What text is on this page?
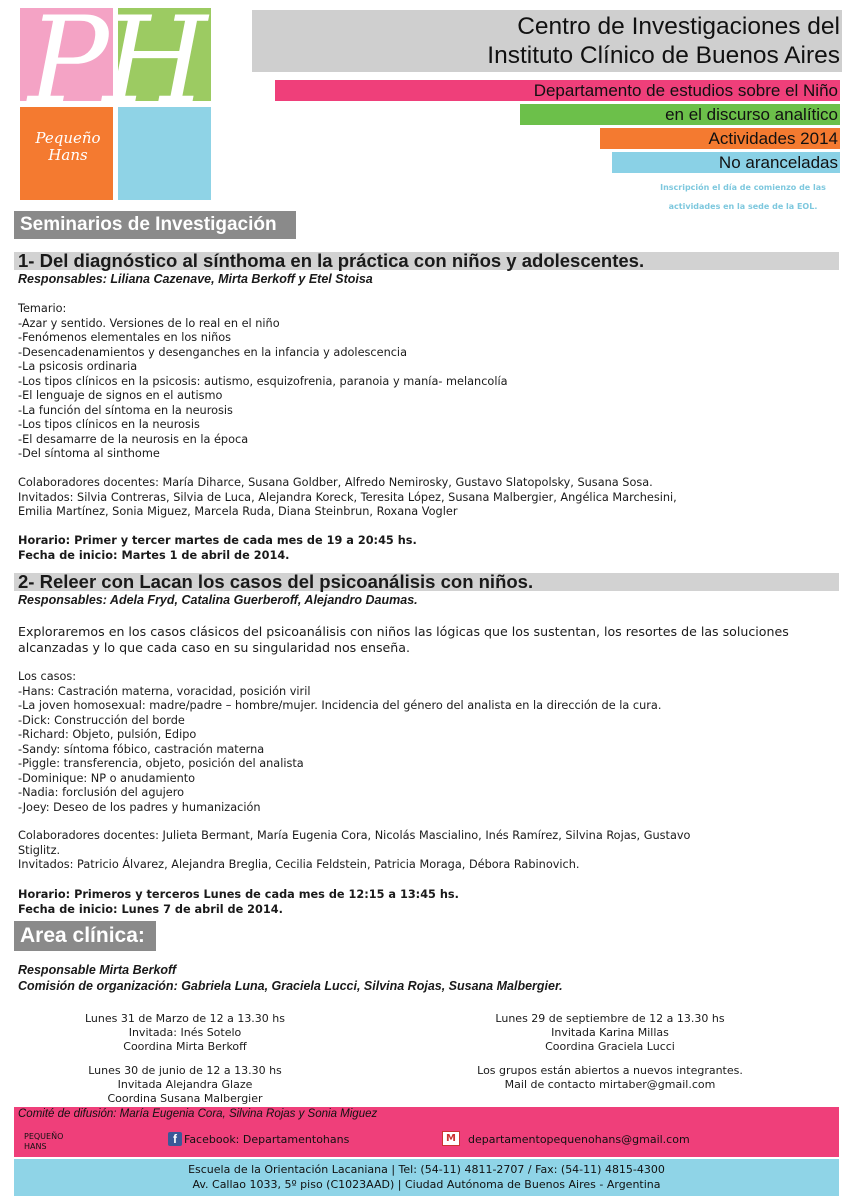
PH
Pequeño
Hans
Centro de Investigaciones del
Instituto Clínico de Buenos Aires
Departamento de estudios sobre el Niño
en el discurso analítico
Actividades 2014
No aranceladas
Inscripción el día de comienzo de las
actividades en la sede de la EOL.
Seminarios de Investigación
1- Del diagnóstico al sínthoma en la práctica con niños y adolescentes.
Responsables: Liliana Cazenave, Mirta Berkoff y Etel Stoisa
Temario:
-Azar y sentido. Versiones de lo real en el niño
-Fenómenos elementales en los niños
-Desencadenamientos y desenganches en la infancia y adolescencia
-La psicosis ordinaria
-Los tipos clínicos en la psicosis: autismo, esquizofrenia, paranoia y manía- melancolía
-El lenguaje de signos en el autismo
-La función del síntoma en la neurosis
-Los tipos clínicos en la neurosis
-El desamarre de la neurosis en la época
-Del síntoma al sinthome
Colaboradores docentes: María Diharce, Susana Goldber, Alfredo Nemirosky, Gustavo Slatopolsky, Susana Sosa.
Invitados: Silvia Contreras, Silvia de Luca, Alejandra Koreck, Teresita López, Susana Malbergier, Angélica Marchesini,
Emilia Martínez, Sonia Miguez, Marcela Ruda, Diana Steinbrun, Roxana Vogler
Horario: Primer y tercer martes de cada mes de 19 a 20:45 hs.
Fecha de inicio: Martes 1 de abril de 2014.
2- Releer con Lacan los casos del psicoanálisis con niños.
Responsables: Adela Fryd, Catalina Guerberoff, Alejandro Daumas.
Exploraremos en los casos clásicos del psicoanálisis con niños las lógicas que los sustentan, los resortes de las soluciones
alcanzadas y lo que cada caso en su singularidad nos enseña.
Los casos:
-Hans: Castración materna, voracidad, posición viril
-La joven homosexual: madre/padre – hombre/mujer. Incidencia del género del analista en la dirección de la cura.
-Dick: Construcción del borde
-Richard: Objeto, pulsión, Edipo
-Sandy: síntoma fóbico, castración materna
-Piggle: transferencia, objeto, posición del analista
-Dominique: NP o anudamiento
-Nadia: forclusión del agujero
-Joey: Deseo de los padres y humanización
Colaboradores docentes: Julieta Bermant, María Eugenia Cora, Nicolás Mascialino, Inés Ramírez, Silvina Rojas, Gustavo
Stiglitz.
Invitados: Patricio Álvarez, Alejandra Breglia, Cecilia Feldstein, Patricia Moraga, Débora Rabinovich.
Horario: Primeros y terceros Lunes de cada mes de 12:15 a 13:45 hs.
Fecha de inicio: Lunes 7 de abril de 2014.
Area clínica:
Responsable Mirta Berkoff
Comisión de organización: Gabriela Luna, Graciela Lucci, Silvina Rojas, Susana Malbergier.
Lunes 31 de Marzo de 12 a 13.30 hs
Invitada: Inés Sotelo
Coordina Mirta Berkoff
Lunes 30 de junio de 12 a 13.30 hs
Invitada Alejandra Glaze
Coordina Susana Malbergier
Lunes 29 de septiembre de 12 a 13.30 hs
Invitada Karina Millas
Coordina Graciela Lucci
Los grupos están abiertos a nuevos integrantes.
Mail de contacto mirtaber@gmail.com
Comité de difusión: María Eugenia Cora, Silvina Rojas y Sonia Miguez
PEQUEÑO
HANS
f Facebook: Departamentohans	M	departamentopequenohans@gmail.com
Escuela de la Orientación Lacaniana | Tel: (54-11) 4811-2707 / Fax: (54-11) 4815-4300
Av. Callao 1033, 5º piso (C1023AAD) | Ciudad Autónoma de Buenos Aires - Argentina
